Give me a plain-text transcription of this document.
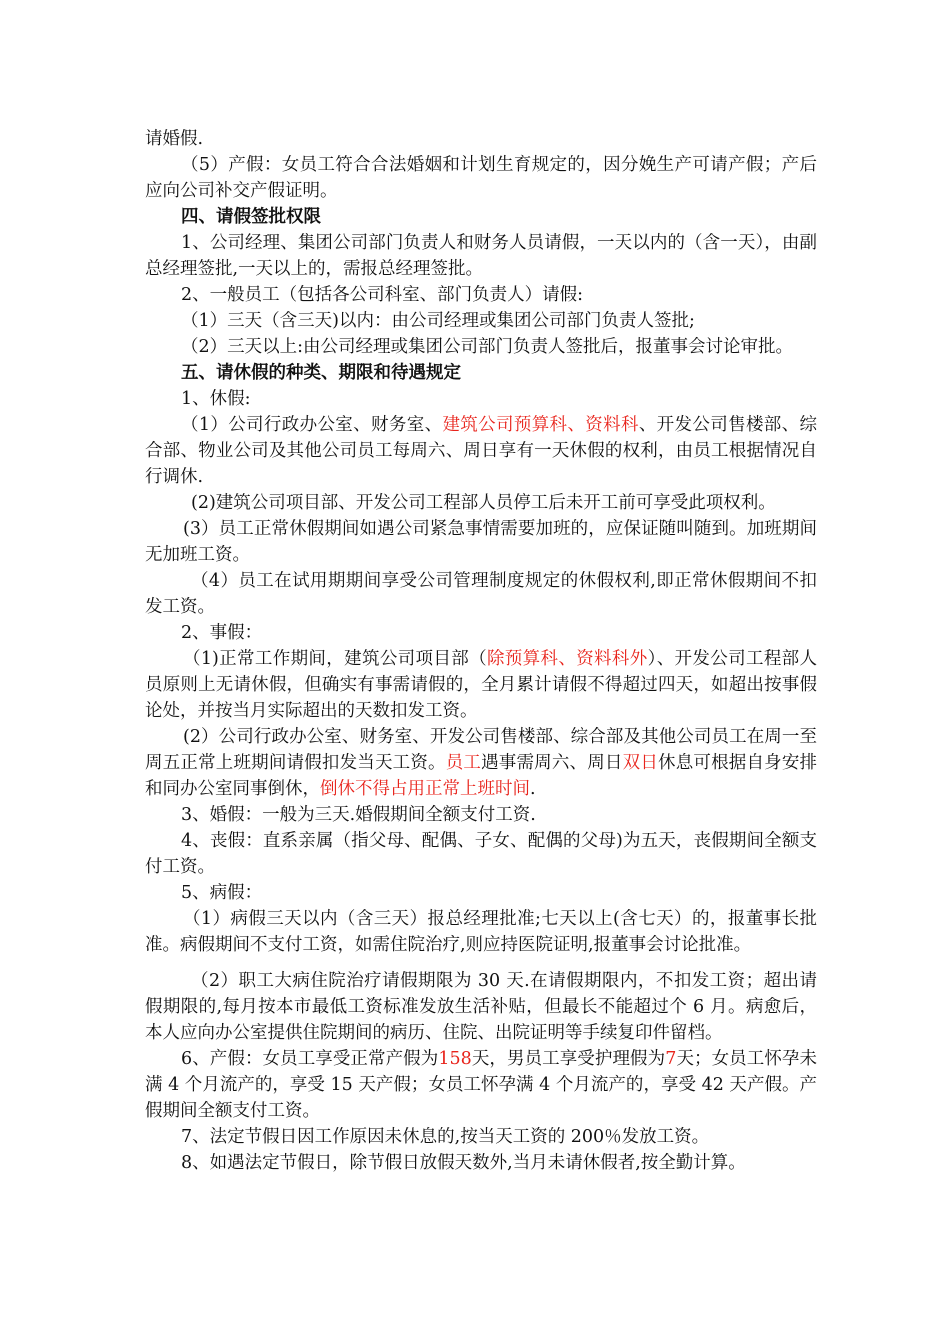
请婚假.

（5）产假：女员工符合合法婚姻和计划生育规定的，因分娩生产可请产假；产后应向公司补交产假证明。

四、请假签批权限

1、公司经理、集团公司部门负责人和财务人员请假，一天以内的（含一天），由副总经理签批,一天以上的，需报总经理签批。

2、一般员工（包括各公司科室、部门负责人）请假:

（1）三天（含三天)以内：由公司经理或集团公司部门负责人签批;

（2）三天以上:由公司经理或集团公司部门负责人签批后，报董事会讨论审批。

五、请休假的种类、期限和待遇规定

1、休假:

（1）公司行政办公室、财务室、建筑公司预算科、资料科、开发公司售楼部、综合部、物业公司及其他公司员工每周六、周日享有一天休假的权利，由员工根据情况自行调休.

(2)建筑公司项目部、开发公司工程部人员停工后未开工前可享受此项权利。

(3）员工正常休假期间如遇公司紧急事情需要加班的，应保证随叫随到。加班期间无加班工资。

（4）员工在试用期期间享受公司管理制度规定的休假权利,即正常休假期间不扣发工资。

2、事假：

（1)正常工作期间，建筑公司项目部（除预算科、资料科外）、开发公司工程部人员原则上无请休假，但确实有事需请假的，全月累计请假不得超过四天，如超出按事假论处，并按当月实际超出的天数扣发工资。

(2）公司行政办公室、财务室、开发公司售楼部、综合部及其他公司员工在周一至周五正常上班期间请假扣发当天工资。员工遇事需周六、周日双日休息可根据自身安排和同办公室同事倒休，倒休不得占用正常上班时间.

3、婚假：一般为三天.婚假期间全额支付工资.

4、丧假：直系亲属（指父母、配偶、子女、配偶的父母)为五天，丧假期间全额支付工资。

5、病假：

（1）病假三天以内（含三天）报总经理批准;七天以上(含七天）的，报董事长批准。病假期间不支付工资，如需住院治疗,则应持医院证明,报董事会讨论批准。

（2）职工大病住院治疗请假期限为 30 天.在请假期限内，不扣发工资；超出请假期限的,每月按本市最低工资标准发放生活补贴，但最长不能超过个 6 月。病愈后，本人应向办公室提供住院期间的病历、住院、出院证明等手续复印件留档。

6、产假：女员工享受正常产假为158天，男员工享受护理假为7天；女员工怀孕未满 4 个月流产的，享受 15 天产假；女员工怀孕满 4 个月流产的，享受 42 天产假。产假期间全额支付工资。

7、法定节假日因工作原因未休息的,按当天工资的 200％发放工资。

8、如遇法定节假日，除节假日放假天数外,当月未请休假者,按全勤计算。
